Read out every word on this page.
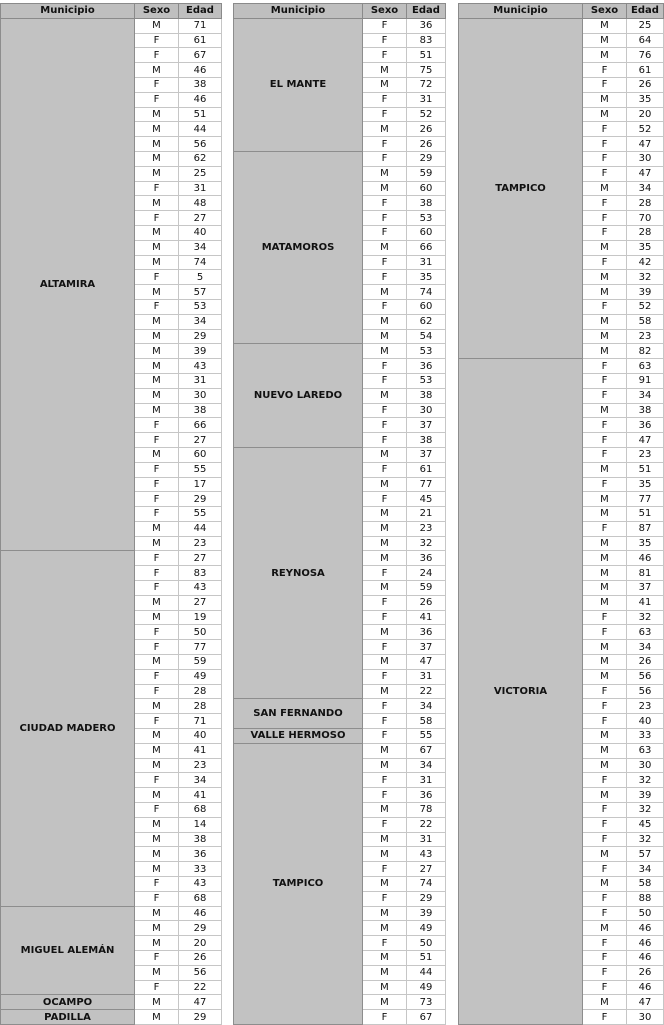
Municipio	Sexo	Edad
ALTAMIRA	M	71
	F	61
	F	67
	M	46
	F	38
	F	46
	M	51
	M	44
	M	56
	M	62
	M	25
	F	31
	M	48
	F	27
	M	40
	M	34
	M	74
	F	5
	M	57
	F	53
	M	34
	M	29
	M	39
	M	43
	M	31
	M	30
	M	38
	F	66
	F	27
	M	60
	F	55
	F	17
	F	29
	F	55
	M	44
	M	23
CIUDAD MADERO	F	27
	F	83
	F	43
	M	27
	M	19
	F	50
	F	77
	M	59
	F	49
	F	28
	M	28
	F	71
	M	40
	M	41
	M	23
	F	34
	M	41
	F	68
	M	14
	M	38
	M	36
	M	33
	F	43
	F	68
MIGUEL ALEMÁN	M	46
	M	29
	M	20
	F	26
	M	56
	F	22
OCAMPO	M	47
PADILLA	M	29
Municipio	Sexo	Edad
EL MANTE	F	36
	F	83
	F	51
	M	75
	M	72
	F	31
	F	52
	M	26
	F	26
MATAMOROS	F	29
	M	59
	M	60
	F	38
	F	53
	F	60
	M	66
	F	31
	F	35
	M	74
	F	60
	M	62
	M	54
NUEVO LAREDO	M	53
	F	36
	F	53
	M	38
	F	30
	F	37
	F	38
REYNOSA	M	37
	F	61
	M	77
	F	45
	M	21
	M	23
	M	32
	M	36
	F	24
	M	59
	F	26
	F	41
	M	36
	F	37
	M	47
	F	31
	M	22
SAN FERNANDO	F	34
	F	58
VALLE HERMOSO	F	55
TAMPICO	M	67
	M	34
	F	31
	F	36
	M	78
	F	22
	M	31
	M	43
	F	27
	M	74
	F	29
	M	39
	M	49
	F	50
	M	51
	M	44
	M	49
	M	73
	F	67
Municipio	Sexo	Edad
TAMPICO	M	25
	M	64
	M	76
	F	61
	F	26
	M	35
	M	20
	F	52
	F	47
	F	30
	F	47
	M	34
	F	28
	F	70
	F	28
	M	35
	F	42
	M	32
	M	39
	F	52
	M	58
	M	23
	M	82
VICTORIA	F	63
	F	91
	F	34
	M	38
	F	36
	F	47
	F	23
	M	51
	F	35
	M	77
	M	51
	F	87
	M	35
	M	46
	M	81
	M	37
	M	41
	F	32
	F	63
	M	34
	M	26
	M	56
	F	56
	F	23
	F	40
	M	33
	M	63
	M	30
	F	32
	M	39
	F	32
	F	45
	F	32
	M	57
	F	34
	M	58
	F	88
	F	50
	M	46
	F	46
	F	46
	F	26
	F	46
	M	47
	F	30
